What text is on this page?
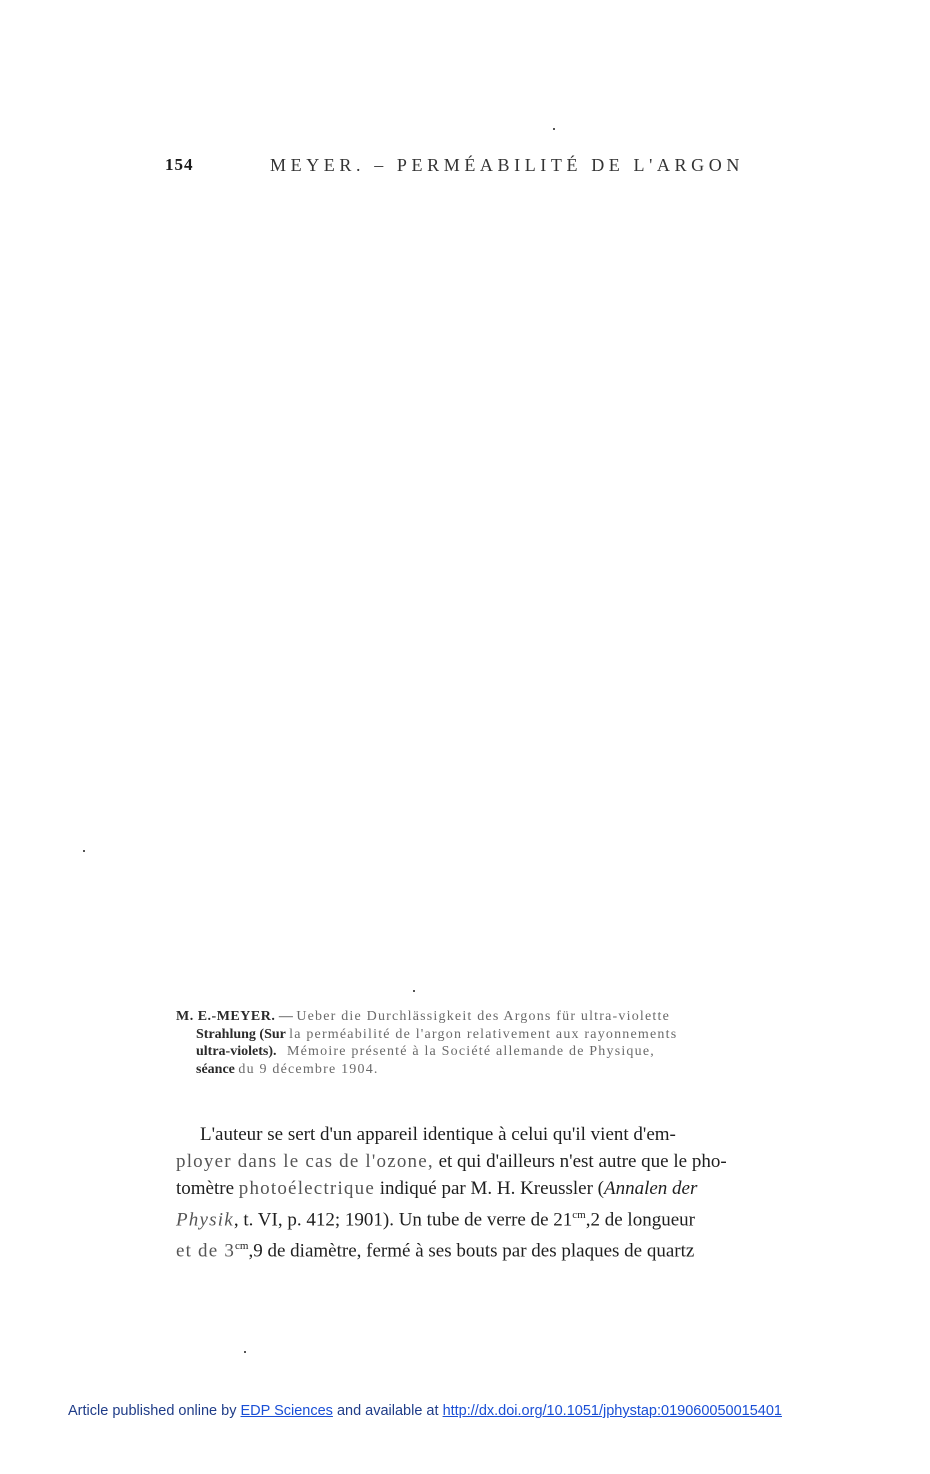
154	MEYER. – PERMÉABILITÉ DE L'ARGON
M. E.-MEYER. — Ueber die Durchlässigkeit des Argons für ultra-violette
Strahlung (Sur la perméabilité de l'argon relativement aux rayonnements
ultra-violets). Mémoire présenté à la Société allemande de Physique,
séance du 9 décembre 1904.
L'auteur se sert d'un appareil identique à celui qu'il vient d'em-
ployer dans le cas de l'ozone, et qui d'ailleurs n'est autre que le pho-
tomètre photoélectrique indiqué par M. H. Kreussler (Annalen der
Physik, t. VI, p. 412; 1901). Un tube de verre de $21^{cm},2$ de longueur
et de $3^{cm},9$ de diamètre, fermé à ses bouts par des plaques de quartz
Article published online by EDP Sciences and available at http://dx.doi.org/10.1051/jphystap:019060050015401
